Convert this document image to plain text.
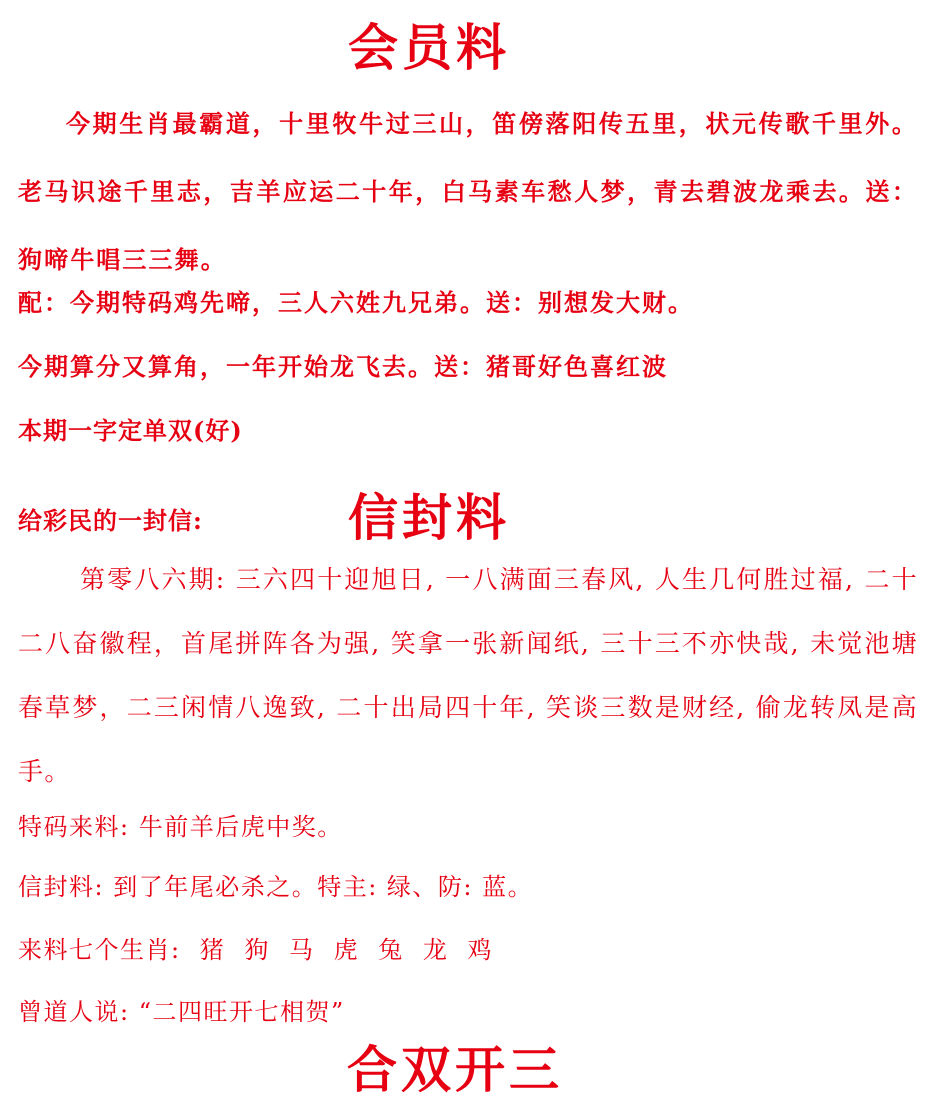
会员料
今期生肖最霸道，十里牧牛过三山，笛傍落阳传五里，状元传歌千里外。老马识途千里志，吉羊应运二十年，白马素车愁人梦，青去碧波龙乘去。送：狗啼牛唱三三舞。
配：今期特码鸡先啼，三人六姓九兄弟。送：别想发大财。
今期算分又算角，一年开始龙飞去。送：猪哥好色喜红波
本期一字定单双(好)
给彩民的一封信:	信封料
第零八六期: 三六四十迎旭日, 一八满面三春风, 人生几何胜过福, 二十二八奋徽程，首尾拼阵各为强, 笑拿一张新闻纸, 三十三不亦快哉, 未觉池塘春草梦，二三闲情八逸致, 二十出局四十年, 笑谈三数是财经, 偷龙转凤是高手。
特码来料: 牛前羊后虎中奖。
信封料: 到了年尾必杀之。特主: 绿、防: 蓝。
来料七个生肖: 猪 狗 马 虎 兔 龙 鸡
曾道人说: “二四旺开七相贺”
合双开三
